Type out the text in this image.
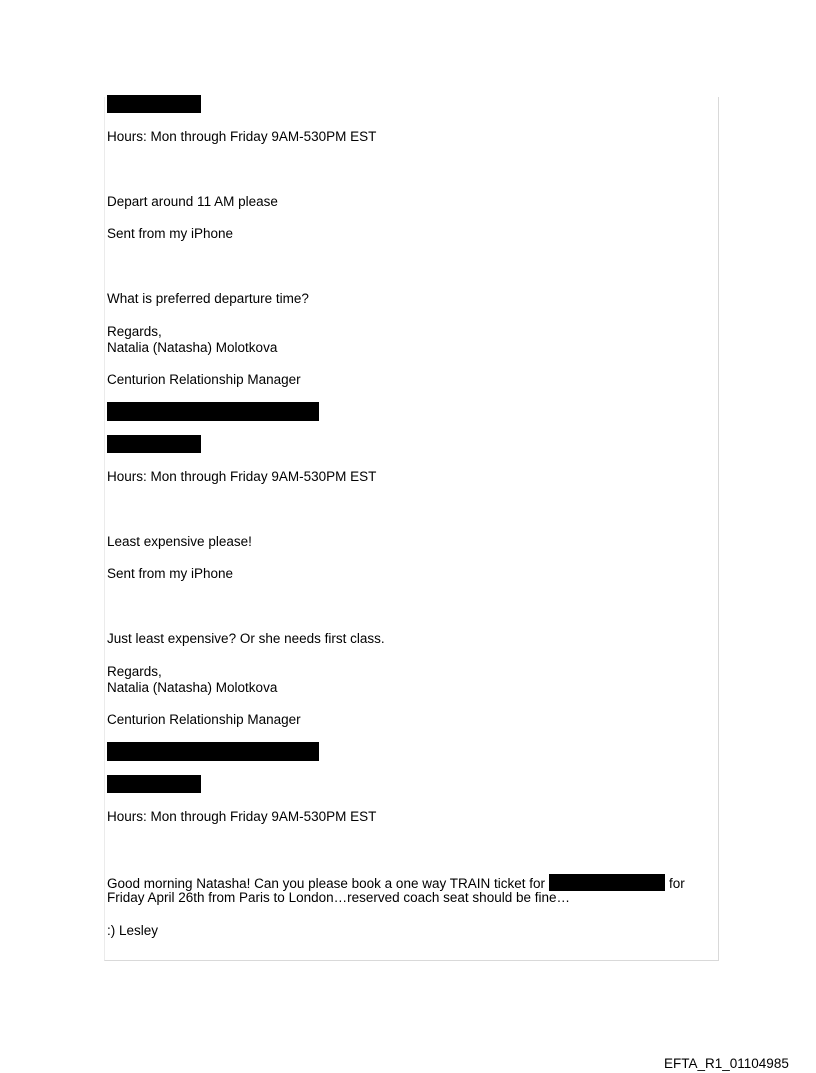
Hours: Mon through Friday 9AM-530PM EST
Depart around 11 AM please
Sent from my iPhone
What is preferred departure time?
Regards,
Natalia (Natasha) Molotkova
Centurion Relationship Manager
Hours: Mon through Friday 9AM-530PM EST
Least expensive please!
Sent from my iPhone
Just least expensive? Or she needs first class.
Regards,
Natalia (Natasha) Molotkova
Centurion Relationship Manager
Hours: Mon through Friday 9AM-530PM EST
Good morning Natasha! Can you please book a one way TRAIN ticket for	for
Friday April 26th from Paris to London…reserved coach seat should be fine…
:) Lesley
EFTA_R1_01104985
